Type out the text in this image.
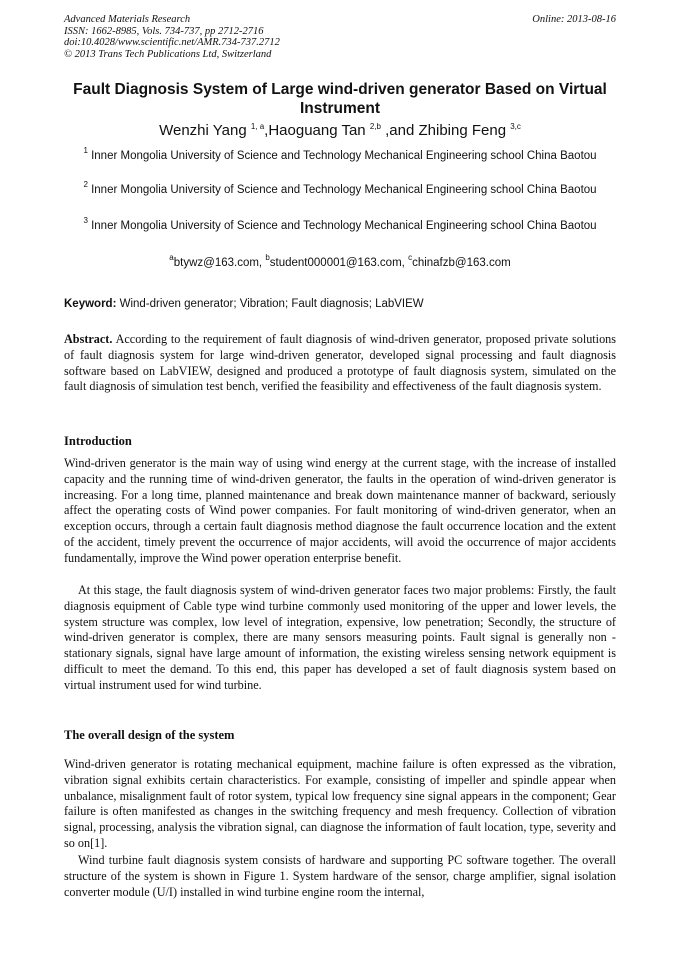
Advanced Materials Research
ISSN: 1662-8985, Vols. 734-737, pp 2712-2716
doi:10.4028/www.scientific.net/AMR.734-737.2712
© 2013 Trans Tech Publications Ltd, Switzerland
Online: 2013-08-16
Fault Diagnosis System of Large wind-driven generator Based on Virtual Instrument
Wenzhi Yang $^{1, a}$,Haoguang Tan $^{2,b}$ ,and Zhibing Feng $^{3,c}$
$^1$ Inner Mongolia University of Science and Technology Mechanical Engineering school China Baotou
$^2$ Inner Mongolia University of Science and Technology Mechanical Engineering school China Baotou
$^3$ Inner Mongolia University of Science and Technology Mechanical Engineering school China Baotou
$^a$btywz@163.com, $^b$student000001@163.com, $^c$chinafzb@163.com
Keyword: Wind-driven generator; Vibration; Fault diagnosis; LabVIEW
Abstract. According to the requirement of fault diagnosis of wind-driven generator, proposed private solutions of fault diagnosis system for large wind-driven generator, developed signal processing and fault diagnosis software based on LabVIEW, designed and produced a prototype of fault diagnosis system, simulated on the fault diagnosis of simulation test bench, verified the feasibility and effectiveness of the fault diagnosis system.
Introduction
Wind-driven generator is the main way of using wind energy at the current stage, with the increase of installed capacity and the running time of wind-driven generator, the faults in the operation of wind-driven generator is increasing. For a long time, planned maintenance and break down maintenance manner of backward, seriously affect the operating costs of Wind power companies. For fault monitoring of wind-driven generator, when an exception occurs, through a certain fault diagnosis method diagnose the fault occurrence location and the extent of the accident, timely prevent the occurrence of major accidents, will avoid the occurrence of major accidents fundamentally, improve the Wind power operation enterprise benefit.
At this stage, the fault diagnosis system of wind-driven generator faces two major problems: Firstly, the fault diagnosis equipment of Cable type wind turbine commonly used monitoring of the upper and lower levels, the system structure was complex, low level of integration, expensive, low penetration; Secondly, the structure of wind-driven generator is complex, there are many sensors measuring points. Fault signal is generally non - stationary signals, signal have large amount of information, the existing wireless sensing network equipment is difficult to meet the demand. To this end, this paper has developed a set of fault diagnosis system based on virtual instrument used for wind turbine.
The overall design of the system
Wind-driven generator is rotating mechanical equipment, machine failure is often expressed as the vibration, vibration signal exhibits certain characteristics. For example, consisting of impeller and spindle appear when unbalance, misalignment fault of rotor system, typical low frequency sine signal appears in the component; Gear failure is often manifested as changes in the switching frequency and mesh frequency. Collection of vibration signal, processing, analysis the vibration signal, can diagnose the information of fault location, type, severity and so on[1].
Wind turbine fault diagnosis system consists of hardware and supporting PC software together. The overall structure of the system is shown in Figure 1. System hardware of the sensor, charge amplifier, signal isolation converter module (U/I) installed in wind turbine engine room the internal,
